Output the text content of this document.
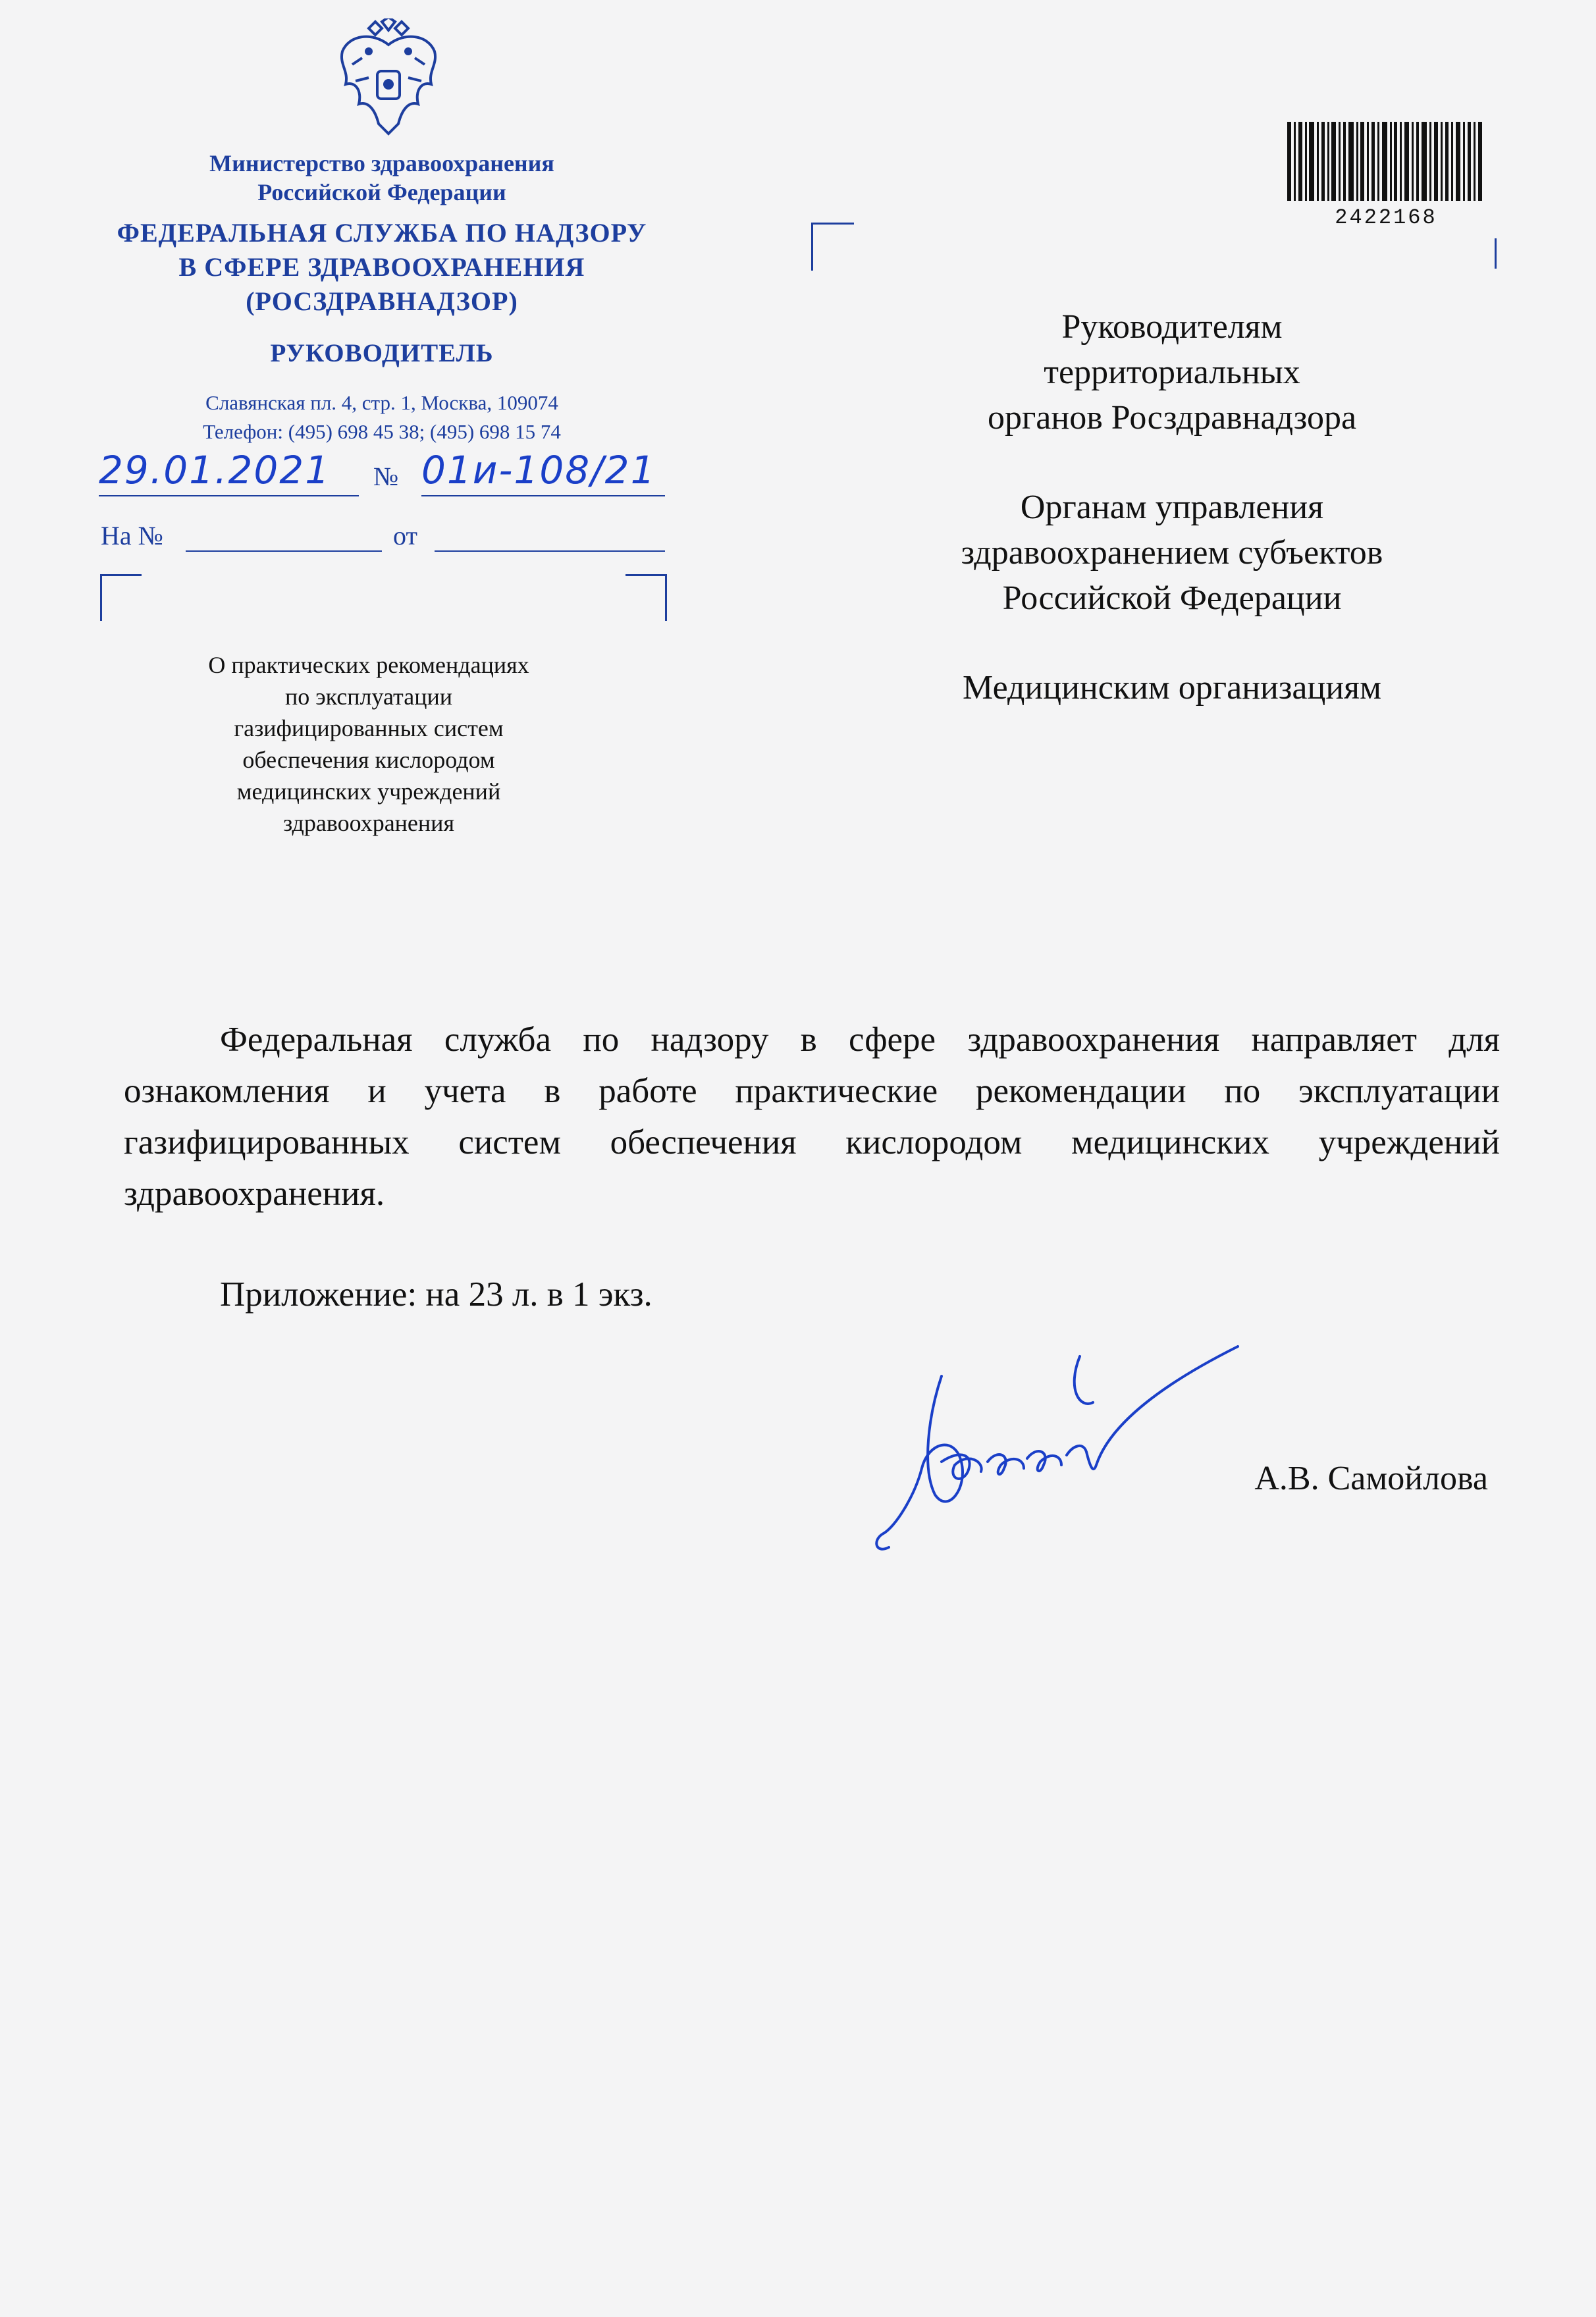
Министерство здравоохранения
Российской Федерации
ФЕДЕРАЛЬНАЯ СЛУЖБА ПО НАДЗОРУ
В СФЕРЕ ЗДРАВООХРАНЕНИЯ
(РОСЗДРАВНАДЗОР)
РУКОВОДИТЕЛЬ
Славянская пл. 4, стр. 1, Москва, 109074
Телефон: (495) 698 45 38; (495) 698 15 74
29.01.2021 № 01и-108/21
На №	от
2422168
Руководителям
территориальных
органов Росздравнадзора
Органам управления
здравоохранением субъектов
Российской Федерации
Медицинским организациям
О практических рекомендациях
по эксплуатации
газифицированных систем
обеспечения кислородом
медицинских учреждений
здравоохранения
Федеральная служба по надзору в сфере здравоохранения направляет для ознакомления и учета в работе практические рекомендации по эксплуатации газифицированных систем обеспечения кислородом медицинских учреждений здравоохранения.
Приложение: на 23 л. в 1 экз.
А.В. Самойлова
